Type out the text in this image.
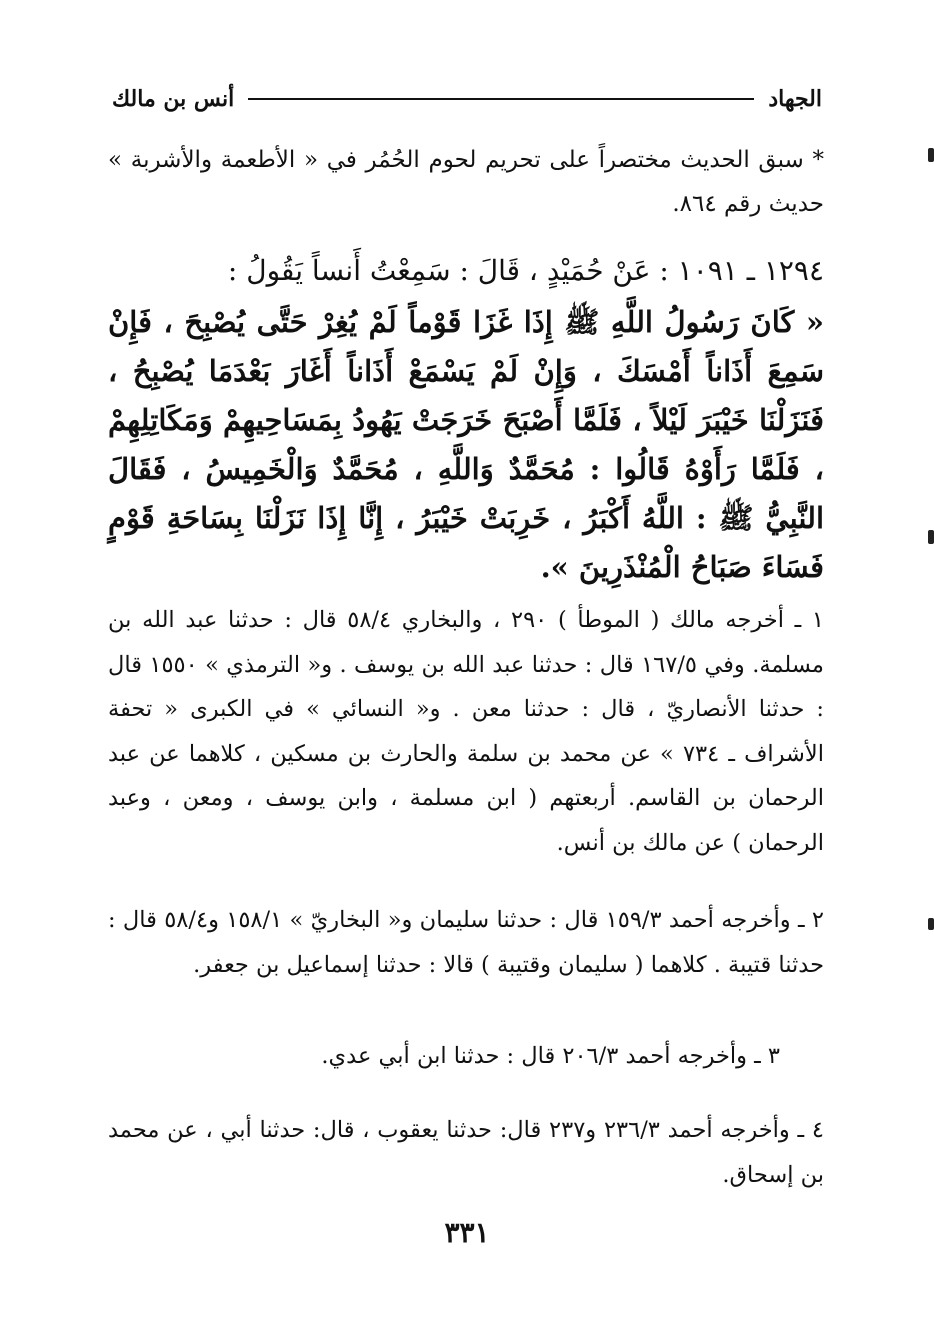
الجهاد
أنس بن مالك
* سبق الحديث مختصراً على تحريم لحوم الحُمُر في « الأطعمة والأشربة » حديث رقم ٨٦٤.
١٢٩٤ ـ ١٠٩١ : عَنْ حُمَيْدٍ ، قَالَ : سَمِعْتُ أَنساً يَقُولُ :
« كَانَ رَسُولُ اللَّهِ ﷺ إِذَا غَزَا قَوْماً لَمْ يُغِرْ حَتَّى يُصْبِحَ ، فَإِنْ سَمِعَ أَذَاناً أَمْسَكَ ، وَإِنْ لَمْ يَسْمَعْ أَذَاناً أَغَارَ بَعْدَمَا يُصْبِحُ ، فَنَزَلْنَا خَيْبَرَ لَيْلاً ، فَلَمَّا أَصْبَحَ خَرَجَتْ يَهُودُ بِمَسَاحِيهِمْ وَمَكَاتِلِهِمْ ، فَلَمَّا رَأَوْهُ قَالُوا : مُحَمَّدٌ وَاللَّهِ ، مُحَمَّدٌ وَالْخَمِيسُ ، فَقَالَ النَّبِيُّ ﷺ : اللَّهُ أَكْبَرُ ، خَرِبَتْ خَيْبَرُ ، إِنَّا إِذَا نَزَلْنَا بِسَاحَةِ قَوْمٍ فَسَاءَ صَبَاحُ الْمُنْذَرِينَ ».
١ ـ أخرجه مالك ( الموطأ ) ٢٩٠ ، والبخاري ٥٨/٤ قال : حدثنا عبد الله بن مسلمة. وفي ١٦٧/٥ قال : حدثنا عبد الله بن يوسف . و« الترمذي » ١٥٥٠ قال : حدثنا الأنصاريّ ، قال : حدثنا معن . و« النسائي » في الكبرى « تحفة الأشراف ـ ٧٣٤ » عن محمد بن سلمة والحارث بن مسكين ، كلاهما عن عبد الرحمان بن القاسم. أربعتهم ( ابن مسلمة ، وابن يوسف ، ومعن ، وعبد الرحمان ) عن مالك بن أنس.
٢ ـ وأخرجه أحمد ١٥٩/٣ قال : حدثنا سليمان و« البخاريّ » ١٥٨/١ و٥٨/٤ قال : حدثنا قتيبة . كلاهما ( سليمان وقتيبة ) قالا : حدثنا إسماعيل بن جعفر.
٣ ـ وأخرجه أحمد ٢٠٦/٣ قال : حدثنا ابن أبي عدي.
٤ ـ وأخرجه أحمد ٢٣٦/٣ و٢٣٧ قال: حدثنا يعقوب ، قال: حدثنا أبي ، عن محمد بن إسحاق.
٣٣١
